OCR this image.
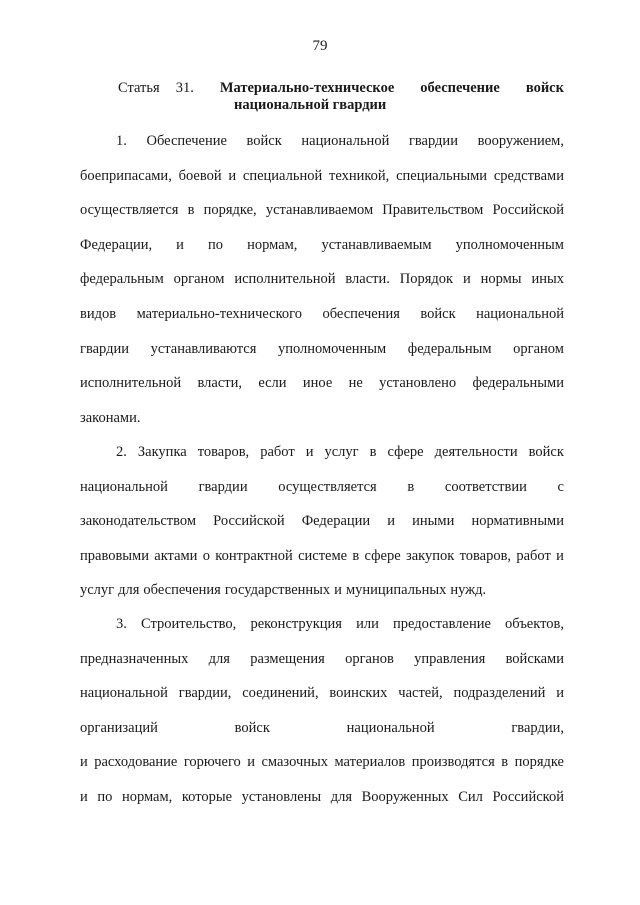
79
Статья 31. Материально-техническое обеспечение войск
национальной гвардии
1. Обеспечение войск национальной гвардии вооружением,
боеприпасами, боевой и специальной техникой, специальными средствами
осуществляется в порядке, устанавливаемом Правительством Российской
Федерации, и по нормам, устанавливаемым уполномоченным
федеральным органом исполнительной власти. Порядок и нормы иных
видов материально-технического обеспечения войск национальной
гвардии устанавливаются уполномоченным федеральным органом
исполнительной власти, если иное не установлено федеральными
законами.
2. Закупка товаров, работ и услуг в сфере деятельности войск
национальной гвардии осуществляется в соответствии с
законодательством Российской Федерации и иными нормативными
правовыми актами о контрактной системе в сфере закупок товаров, работ и
услуг для обеспечения государственных и муниципальных нужд.
3. Строительство, реконструкция или предоставление объектов,
предназначенных для размещения органов управления войсками
национальной гвардии, соединений, воинских частей, подразделений и
организаций	войск	национальной	гвардии,
и расходование горючего и смазочных материалов производятся в порядке
и по нормам, которые установлены для Вооруженных Сил Российской
